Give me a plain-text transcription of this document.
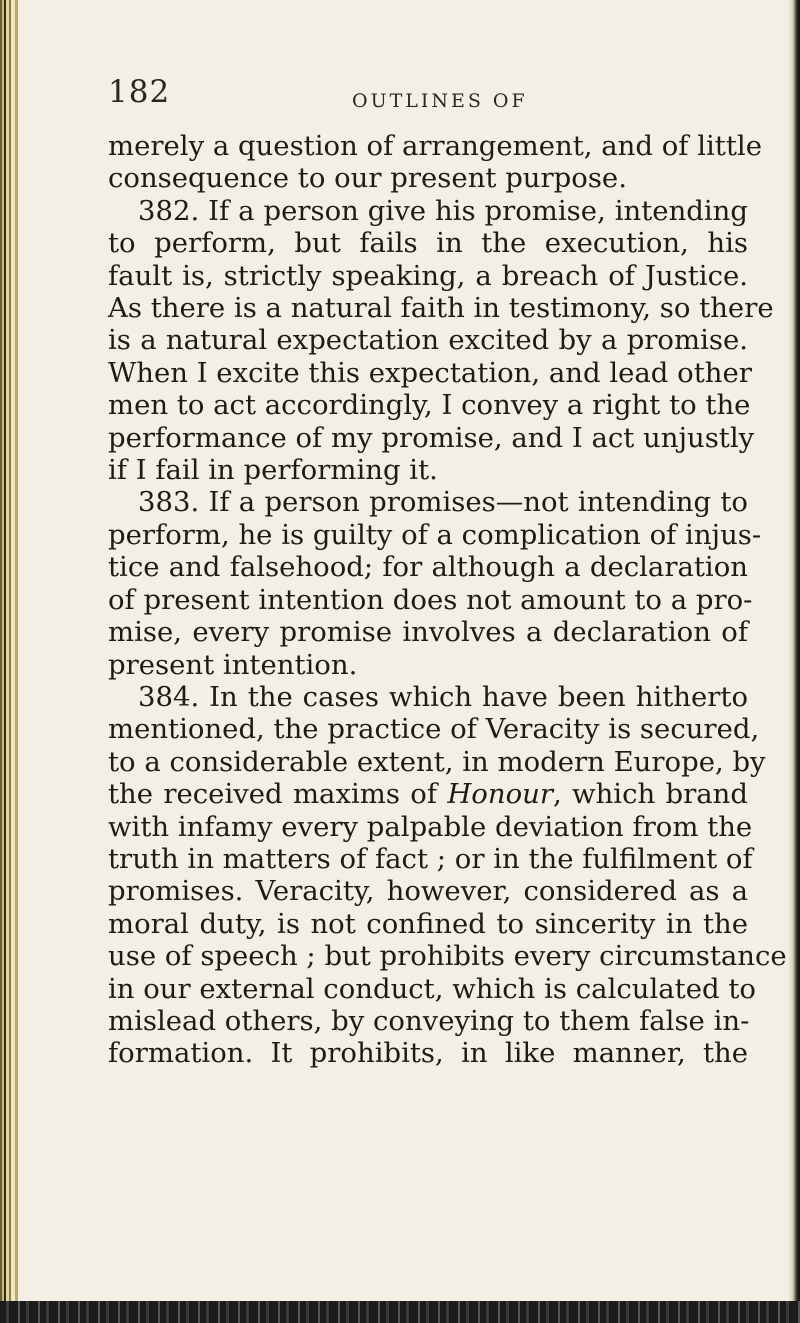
182	OUTLINES OF
merely a question of arrangement, and of little
consequence to our present purpose.
382. If a person give his promise, intending
to perform, but fails in the execution, his
fault is, strictly speaking, a breach of Justice.
As there is a natural faith in testimony, so there
is a natural expectation excited by a promise.
When I excite this expectation, and lead other
men to act accordingly, I convey a right to the
performance of my promise, and I act unjustly
if I fail in performing it.
383. If a person promises—not intending to
perform, he is guilty of a complication of injus-
tice and falsehood; for although a declaration
of present intention does not amount to a pro-
mise, every promise involves a declaration of
present intention.
384. In the cases which have been hitherto
mentioned, the practice of Veracity is secured,
to a considerable extent, in modern Europe, by
the received maxims of Honour, which brand
with infamy every palpable deviation from the
truth in matters of fact ; or in the fulfilment of
promises. Veracity, however, considered as a
moral duty, is not confined to sincerity in the
use of speech ; but prohibits every circumstance
in our external conduct, which is calculated to
mislead others, by conveying to them false in-
formation. It prohibits, in like manner, the
